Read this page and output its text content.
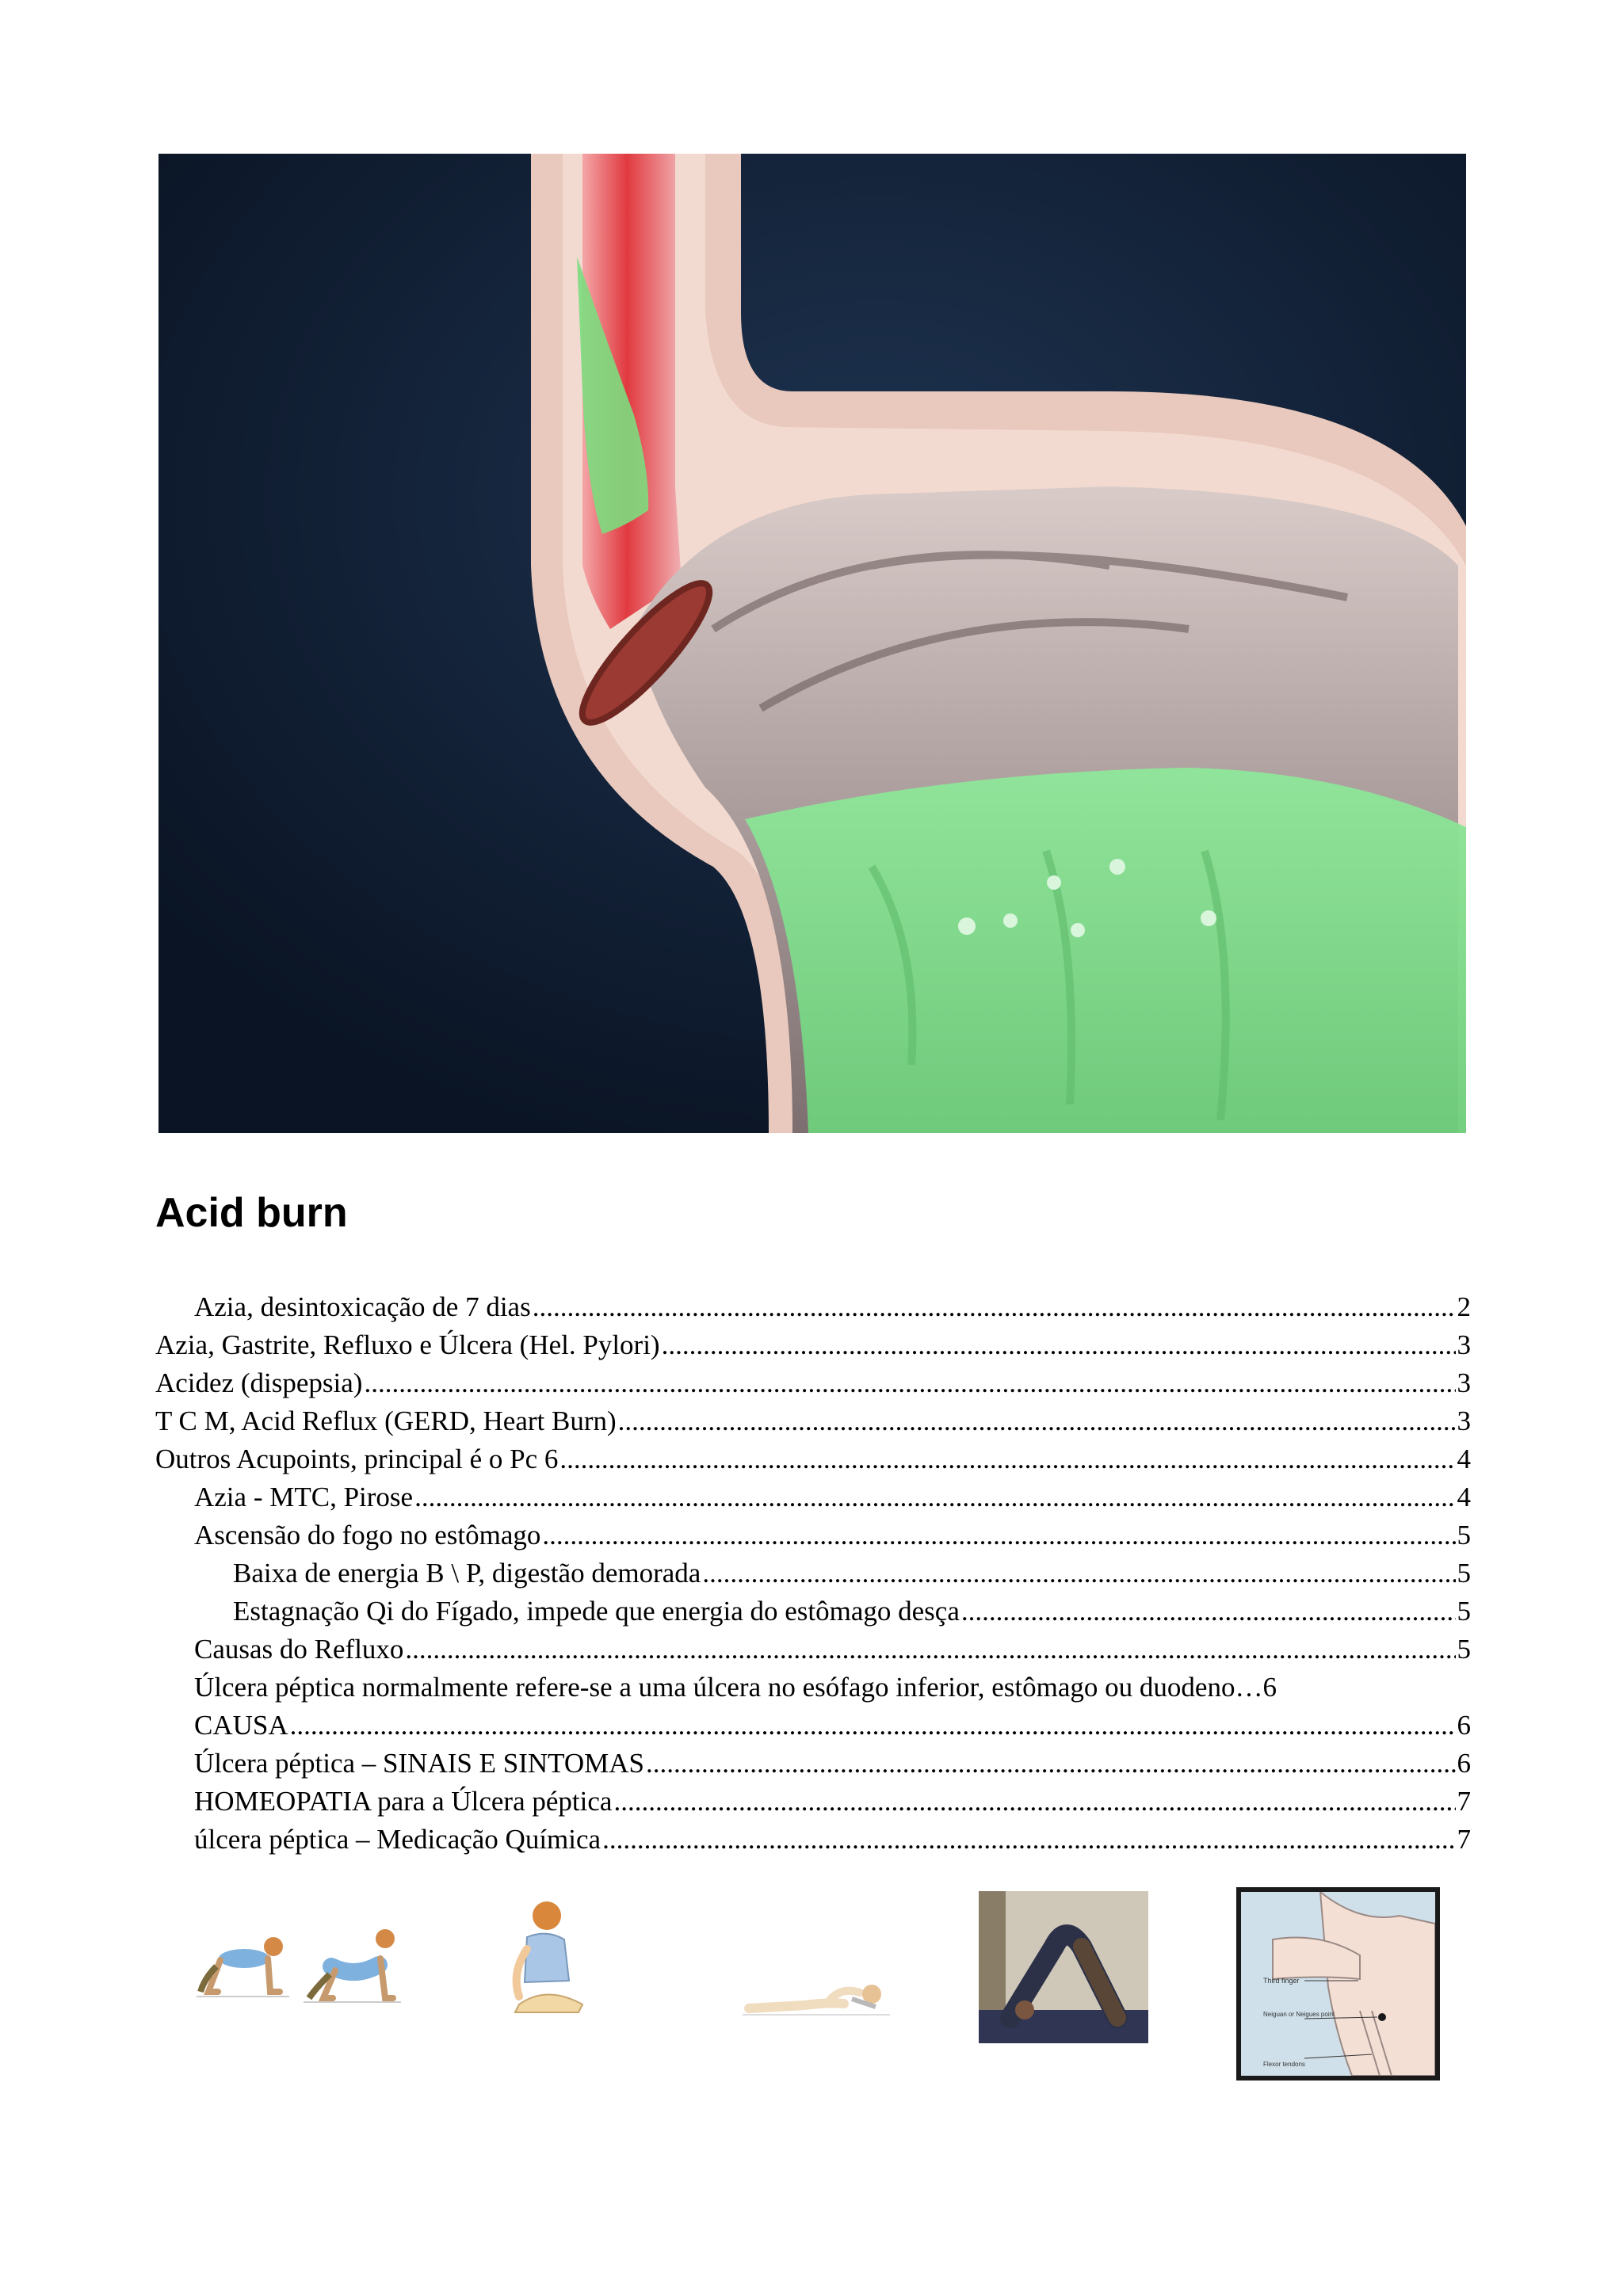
Acid burn
Azia, desintoxicação de 7 dias .....	2
Azia, Gastrite, Refluxo e Úlcera (Hel. Pylori) .....	3
Acidez (dispepsia) .....	3
T C M, Acid Reflux (GERD, Heart Burn) .....	3
Outros Acupoints, principal é o Pc 6 .....	4
Azia - MTC, Pirose .....	4
Ascensão do fogo no estômago .....	5
Baixa de energia B \ P, digestão demorada .....	5
Estagnação Qi do Fígado, impede que energia do estômago desça .....	5
Causas do Refluxo .....	5
Úlcera péptica normalmente refere-se a uma úlcera no esófago inferior, estômago ou duodeno … 6
CAUSA .....	6
Úlcera péptica – SINAIS E SINTOMAS .....	6
HOMEOPATIA para a Úlcera péptica .....	7
úlcera péptica – Medicação Química .....	7
Third finger
Neiguan or Neigues point
Flexor tendons
